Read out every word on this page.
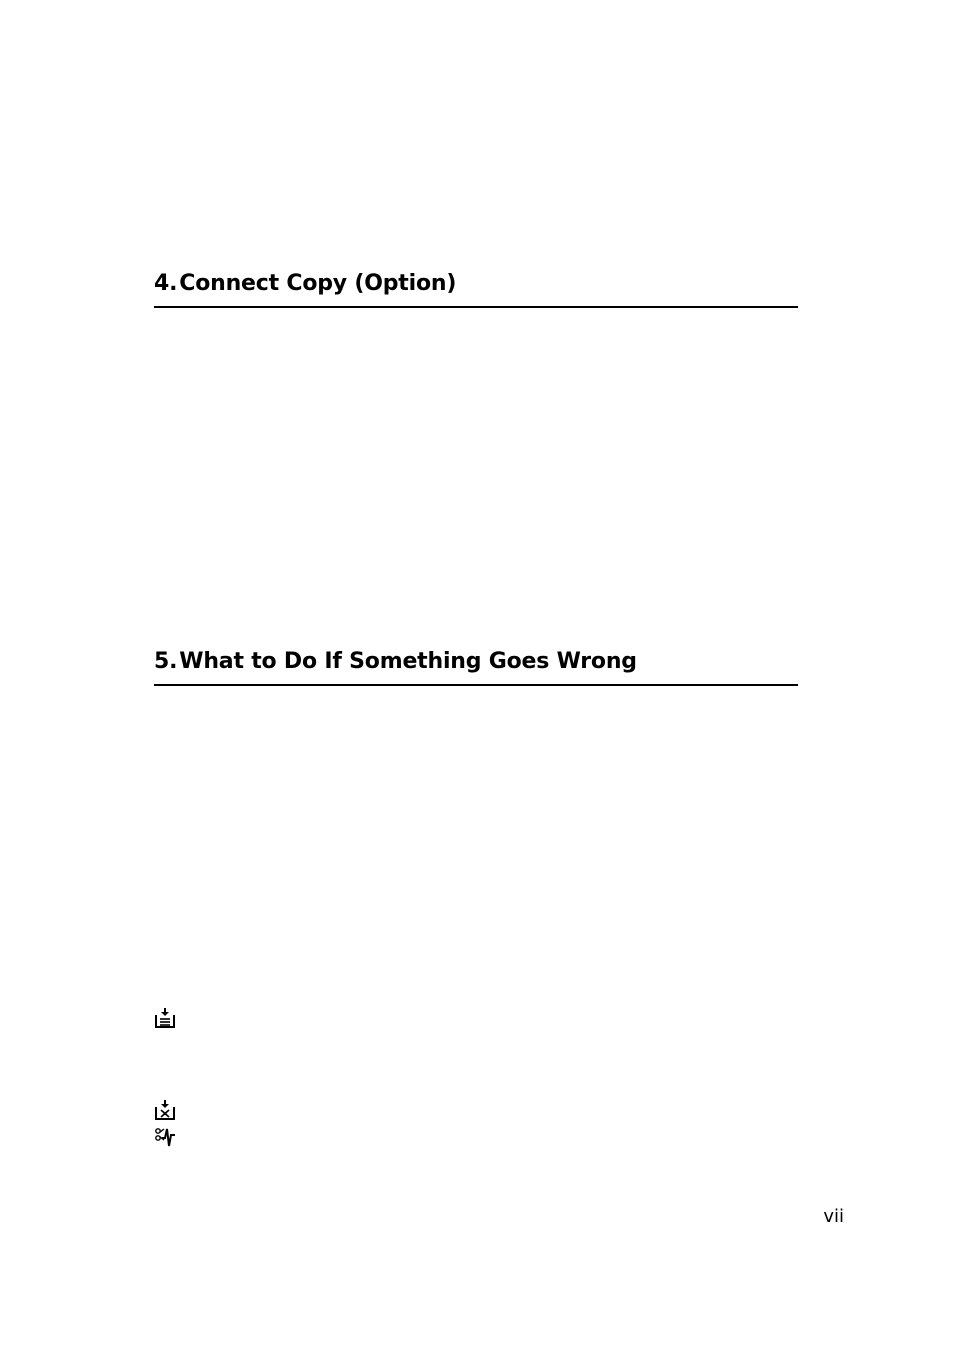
4.Connect Copy (Option)
5.What to Do If Something Goes Wrong
vii
